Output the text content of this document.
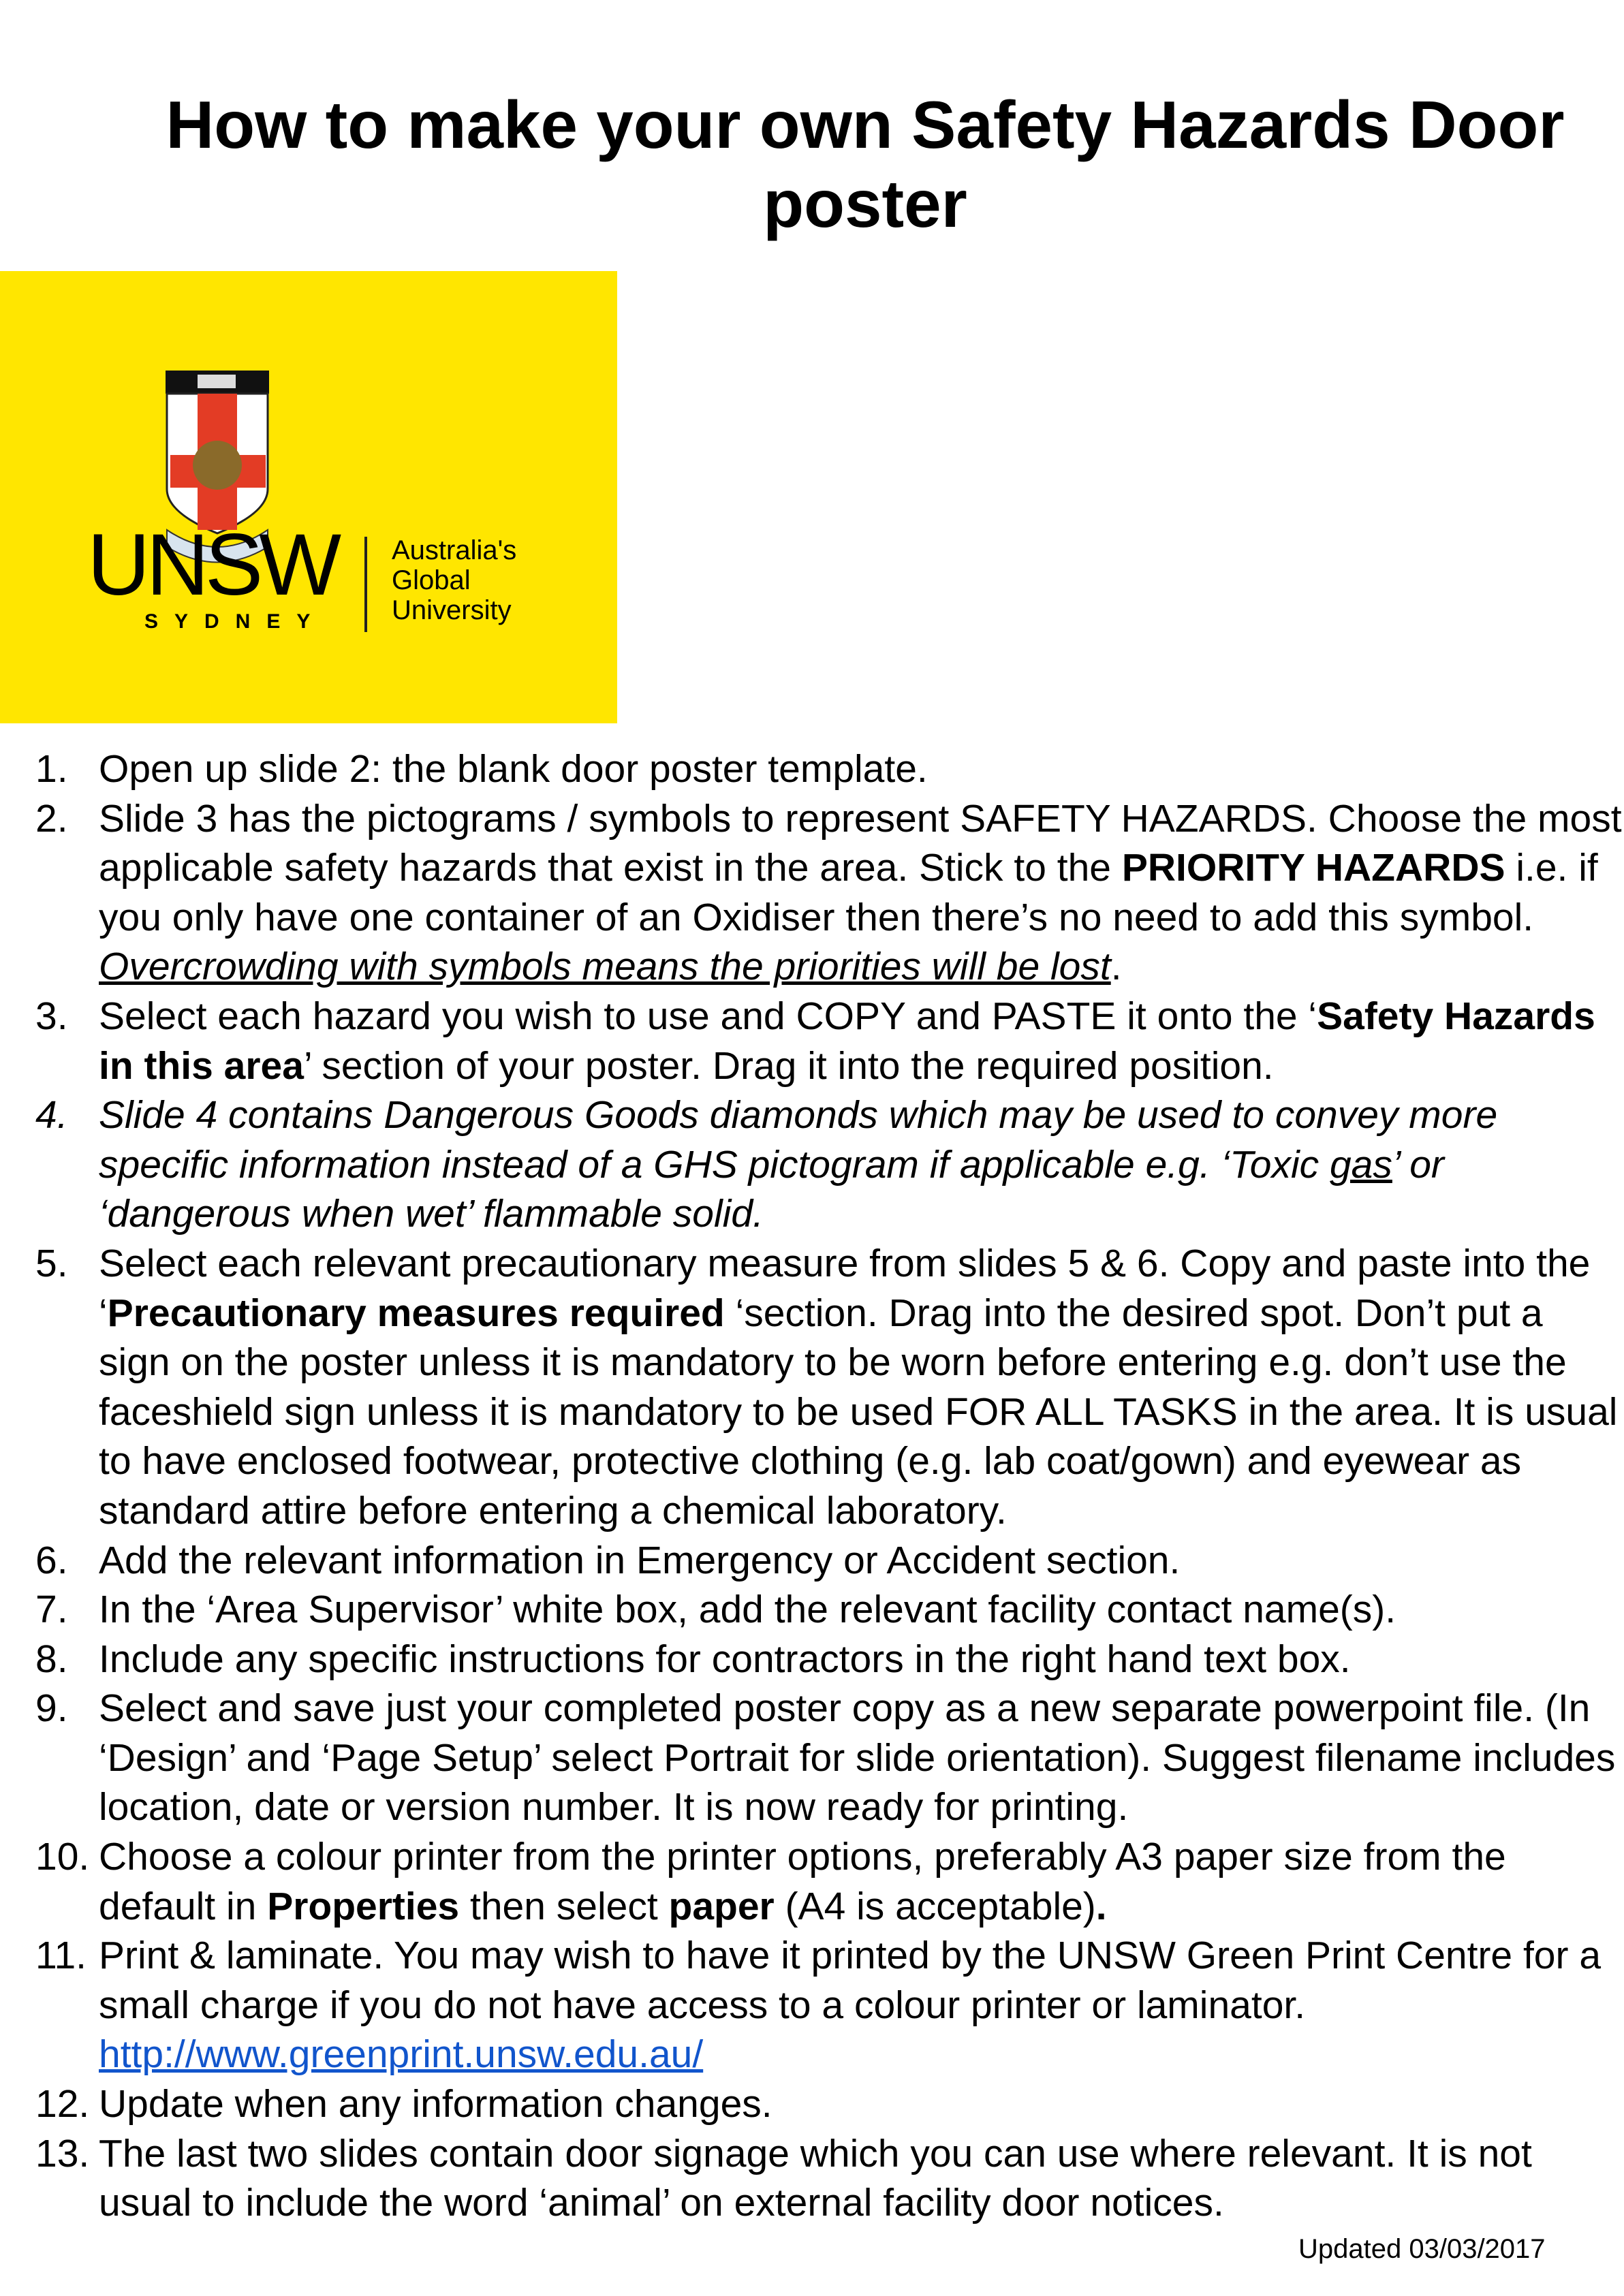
How to make your own Safety Hazards Door poster
UNSW
SYDNEY
Australia's
Global
University
1. Open up slide 2: the blank door poster template.
2. Slide 3 has the pictograms / symbols to represent SAFETY HAZARDS. Choose the most applicable safety hazards that exist in the area. Stick to the PRIORITY HAZARDS i.e. if you only have one container of an Oxidiser then there’s no need to add this symbol. Overcrowding with symbols means the priorities will be lost.
3. Select each hazard you wish to use and COPY and PASTE it onto the ‘Safety Hazards in this area’ section of your poster. Drag it into the required position.
4. Slide 4 contains Dangerous Goods diamonds which may be used to convey more specific information instead of a GHS pictogram if applicable e.g. ‘Toxic gas’ or ‘dangerous when wet’ flammable solid.
5. Select each relevant precautionary measure from slides 5 & 6. Copy and paste into the ‘Precautionary measures required ‘section. Drag into the desired spot. Don’t put a sign on the poster unless it is mandatory to be worn before entering e.g. don’t use the faceshield sign unless it is mandatory to be used FOR ALL TASKS in the area. It is usual to have enclosed footwear, protective clothing (e.g. lab coat/gown) and eyewear as standard attire before entering a chemical laboratory.
6. Add the relevant information in Emergency or Accident section.
7. In the ‘Area Supervisor’ white box, add the relevant facility contact name(s).
8. Include any specific instructions for contractors in the right hand text box.
9. Select and save just your completed poster copy as a new separate powerpoint file. (In ‘Design’ and ‘Page Setup’ select Portrait for slide orientation). Suggest filename includes location, date or version number. It is now ready for printing.
10. Choose a colour printer from the printer options, preferably A3 paper size from the default in Properties then select paper (A4 is acceptable).
11. Print & laminate. You may wish to have it printed by the UNSW Green Print Centre for a small charge if you do not have access to a colour printer or laminator. http://www.greenprint.unsw.edu.au/
12. Update when any information changes.
13. The last two slides contain door signage which you can use where relevant. It is not usual to include the word ‘animal’ on external facility door notices.
Updated 03/03/2017
